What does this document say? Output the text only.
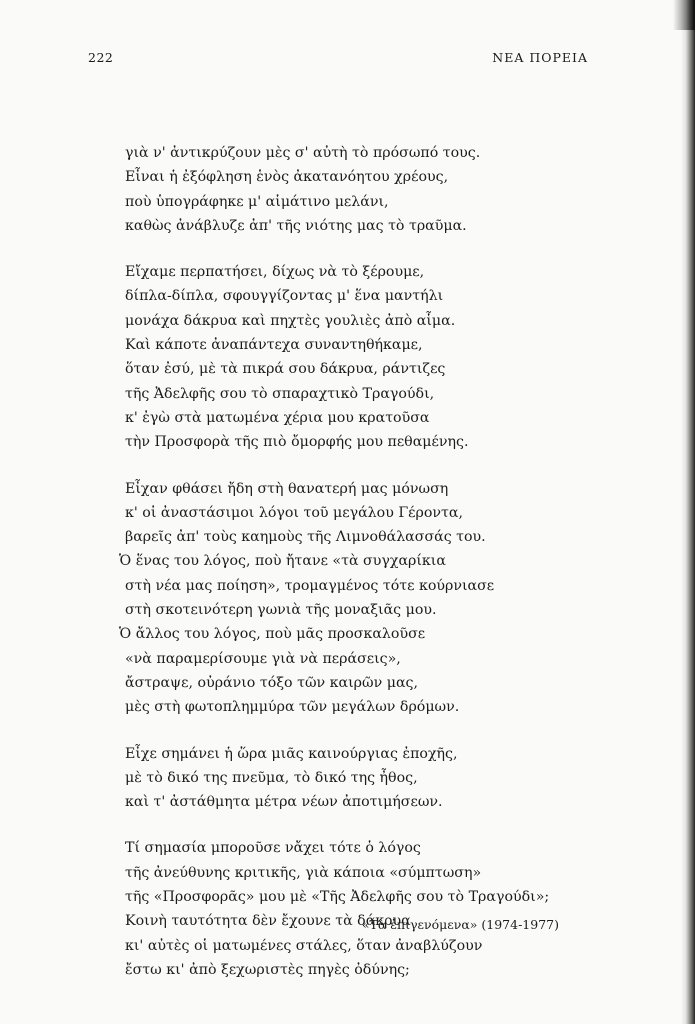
222	ΝΕΑ ΠΟΡΕΙΑ
γιὰ ν' ἀντικρύζουν μὲς σ' αὐτὴ τὸ πρόσωπό τους.
Εἶναι ἡ ἐξόφληση ἑνὸς ἀκατανόητου χρέους,
ποὺ ὑπογράφηκε μ' αἱμάτινο μελάνι,
καθὼς ἀνάβλυζε ἀπ' τῆς νιότης μας τὸ τραῦμα.
Εἴχαμε περπατήσει, δίχως νὰ τὸ ξέρουμε,
δίπλα-δίπλα, σφουγγίζοντας μ' ἕνα μαντήλι
μονάχα δάκρυα καὶ πηχτὲς γουλιὲς ἀπὸ αἷμα.
Καὶ κάποτε ἀναπάντεχα συναντηθήκαμε,
ὅταν ἐσύ, μὲ τὰ πικρά σου δάκρυα, ράντιζες
τῆς Ἀδελφῆς σου τὸ σπαραχτικὸ Τραγούδι,
κ' ἐγὼ στὰ ματωμένα χέρια μου κρατοῦσα
τὴν Προσφορὰ τῆς πιὸ ὄμορφής μου πεθαμένης.
Εἶχαν φθάσει ἤδη στὴ θανατερή μας μόνωση
κ' οἱ ἀναστάσιμοι λόγοι τοῦ μεγάλου Γέροντα,
βαρεῖς ἀπ' τοὺς καημοὺς τῆς Λιμνοθάλασσάς του.
Ὁ ἕνας του λόγος, ποὺ ἤτανε «τὰ συγχαρίκια
στὴ νέα μας ποίηση», τρομαγμένος τότε κούρνιασε
στὴ σκοτεινότερη γωνιὰ τῆς μοναξιᾶς μου.
Ὁ ἄλλος του λόγος, ποὺ μᾶς προσκαλοῦσε
«νὰ παραμερίσουμε γιὰ νὰ περάσεις»,
ἄστραψε, οὐράνιο τόξο τῶν καιρῶν μας,
μὲς στὴ φωτοπλημμύρα τῶν μεγάλων δρόμων.
Εἶχε σημάνει ἡ ὥρα μιᾶς καινούργιας ἐποχῆς,
μὲ τὸ δικό της πνεῦμα, τὸ δικό της ἦθος,
καὶ τ' ἀστάθμητα μέτρα νέων ἀποτιμήσεων.
Τί σημασία μποροῦσε νἄχει τότε ὁ λόγος
τῆς ἀνεύθυνης κριτικῆς, γιὰ κάποια «σύμπτωση»
τῆς «Προσφορᾶς» μου μὲ «Τῆς Ἀδελφῆς σου τὸ Τραγούδι»;
Κοινὴ ταυτότητα δὲν ἔχουνε τὰ δάκρυα
κι' αὐτὲς οἱ ματωμένες στάλες, ὅταν ἀναβλύζουν
ἔστω κι' ἀπὸ ξεχωριστὲς πηγὲς ὀδύνης;
«Τὰ ἐπιγενόμενα» (1974-1977)
